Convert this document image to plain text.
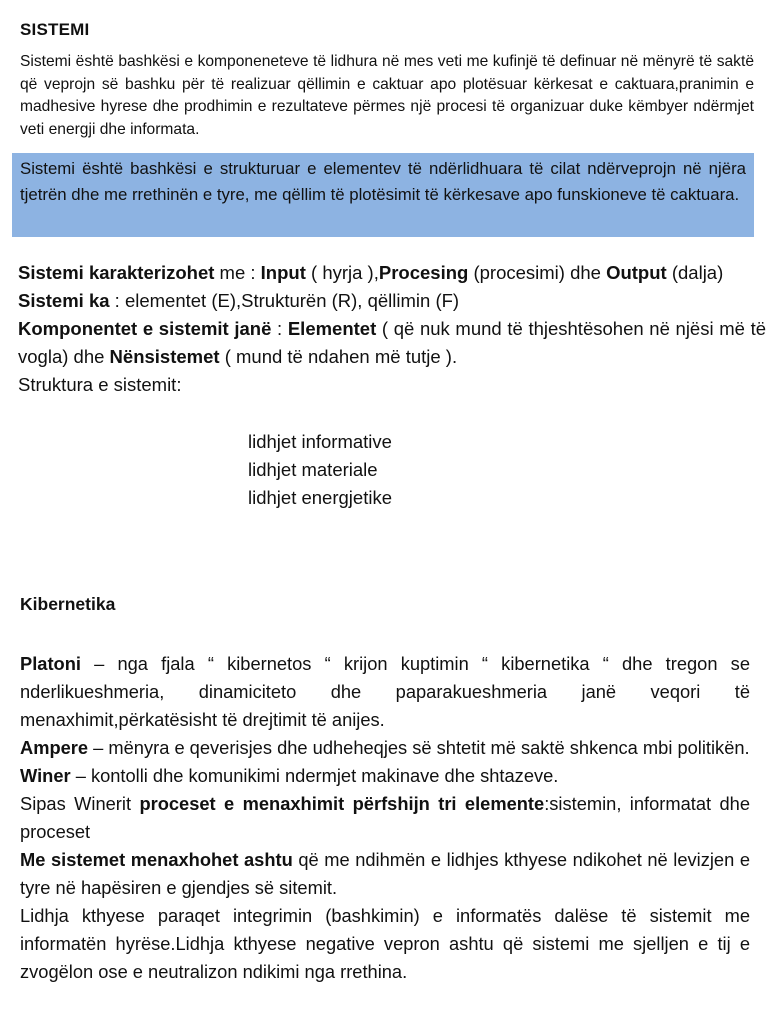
SISTEMI
Sistemi është bashkësi e komponeneteve të lidhura në mes veti me kufinjë të definuar në mënyrë të saktë që veprojn së bashku për të realizuar qëllimin e caktuar apo plotësuar kërkesat e caktuara,pranimin e madhesive hyrese dhe prodhimin e rezultateve përmes një procesi të organizuar duke këmbyer ndërmjet veti energji dhe informata.

Sistemi është bashkësi e strukturuar e elementev të ndërlidhuara të cilat ndërveprojn në njëra tjetrën dhe me rrethinën e tyre, me qëllim të plotësimit të kërkesave apo funskioneve të caktuara.

Sistemi karakterizohet me : Input ( hyrja ),Procesing (procesimi) dhe Output (dalja)

Sistemi ka : elementet (E),Strukturën (R), qëllimin (F)

Komponentet e sistemit janë : Elementet ( që nuk mund të thjeshtësohen në njësi më të vogla) dhe Nënsistemet ( mund të ndahen më tutje ).

Struktura e sistemit:

lidhjet informative
lidhjet materiale
lidhjet energjetike
Kibernetika

Platoni – nga fjala “ kibernetos “ krijon kuptimin “ kibernetika “ dhe tregon se nderlikueshmeria, dinamiciteto dhe paparakueshmeria janë veqori të menaxhimit,përkatësisht të drejtimit të anijes.

Ampere – mënyra e qeverisjes dhe udheheqjes së shtetit më saktë shkenca mbi politikën.

Winer – kontolli dhe komunikimi ndermjet makinave dhe shtazeve.

Sipas Winerit proceset e menaxhimit përfshijn tri elemente:sistemin, informatat dhe proceset

Me sistemet menaxhohet ashtu që me ndihmën e lidhjes kthyese ndikohet në levizjen e tyre në hapësiren e gjendjes së sitemit.

Lidhja kthyese paraqet integrimin (bashkimin) e informatës dalëse të sistemit me informatën hyrëse.Lidhja kthyese negative vepron ashtu që sistemi me sjelljen e tij e zvogëlon ose e neutralizon ndikimi nga rrethina.
